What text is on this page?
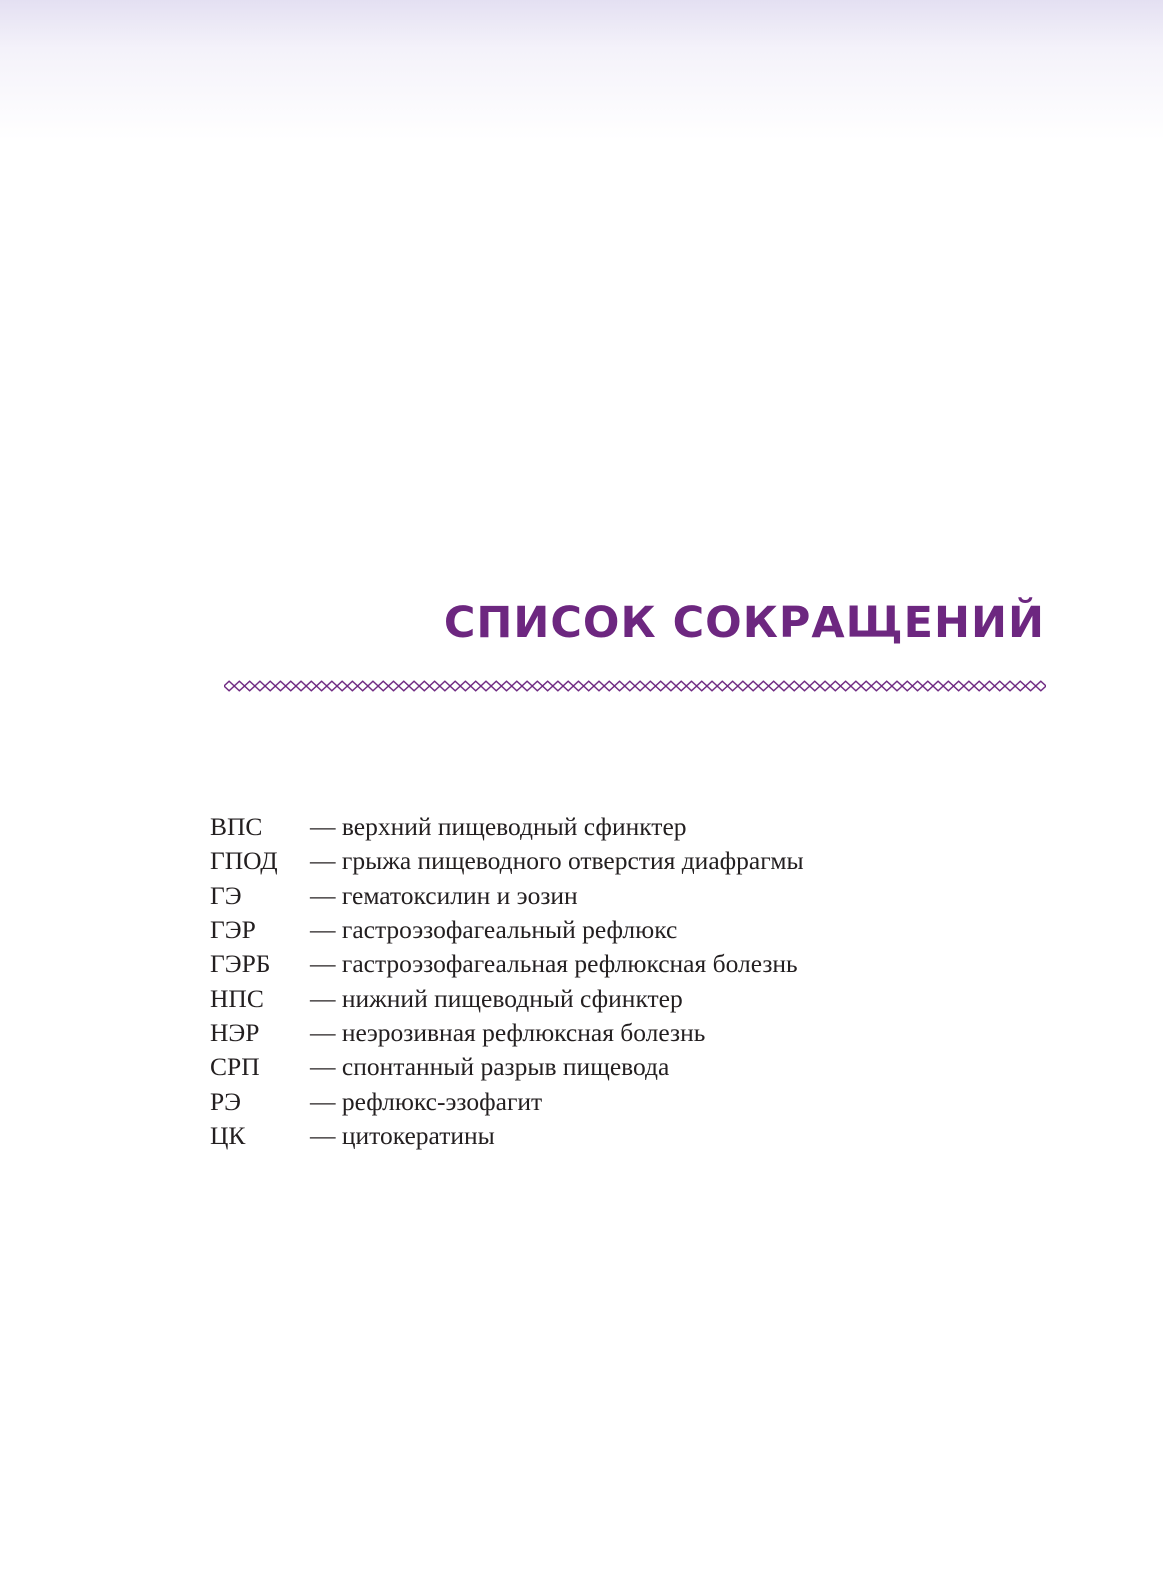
СПИСОК СОКРАЩЕНИЙ
ВПС	— верхний пищеводный сфинктер
ГПОД	— грыжа пищеводного отверстия диафрагмы
ГЭ	— гематоксилин и эозин
ГЭР	— гастроэзофагеальный рефлюкс
ГЭРБ	— гастроэзофагеальная рефлюксная болезнь
НПС	— нижний пищеводный сфинктер
НЭР	— неэрозивная рефлюксная болезнь
СРП	— спонтанный разрыв пищевода
РЭ	— рефлюкс-эзофагит
ЦК	— цитокератины
